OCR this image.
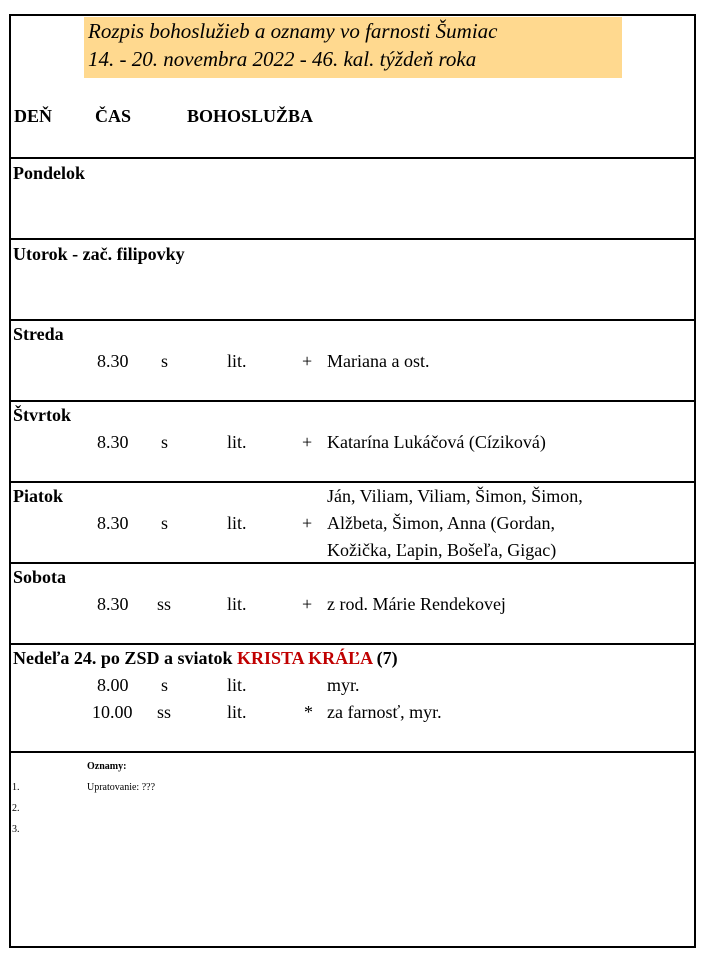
Rozpis bohoslužieb a oznamy vo farnosti Šumiac
14. - 20. novembra 2022 - 46. kal. týždeň roka
DEŇ ČAS	BOHOSLUŽBA
Pondelok
Utorok - zač. filipovky
Streda
8.30 s	lit.	+ Mariana a ost.
Štvrtok
8.30 s	lit.	+ Katarína Lukáčová (Cíziková)
Piatok	Ján, Viliam, Viliam, Šimon, Šimon,
8.30 s	lit.	+ Alžbeta, Šimon, Anna (Gordan,
Kožička, Ľapin, Bošeľa, Gigac)
Sobota
8.30 ss	lit.	+ z rod. Márie Rendekovej
Nedeľa 24. po ZSD a sviatok KRISTA KRÁĽA (7)
8.00 s	lit.	myr.
10.00 ss	lit.	* za farnosť, myr.
Oznamy:
1.	Upratovanie: ???
2.
3.
